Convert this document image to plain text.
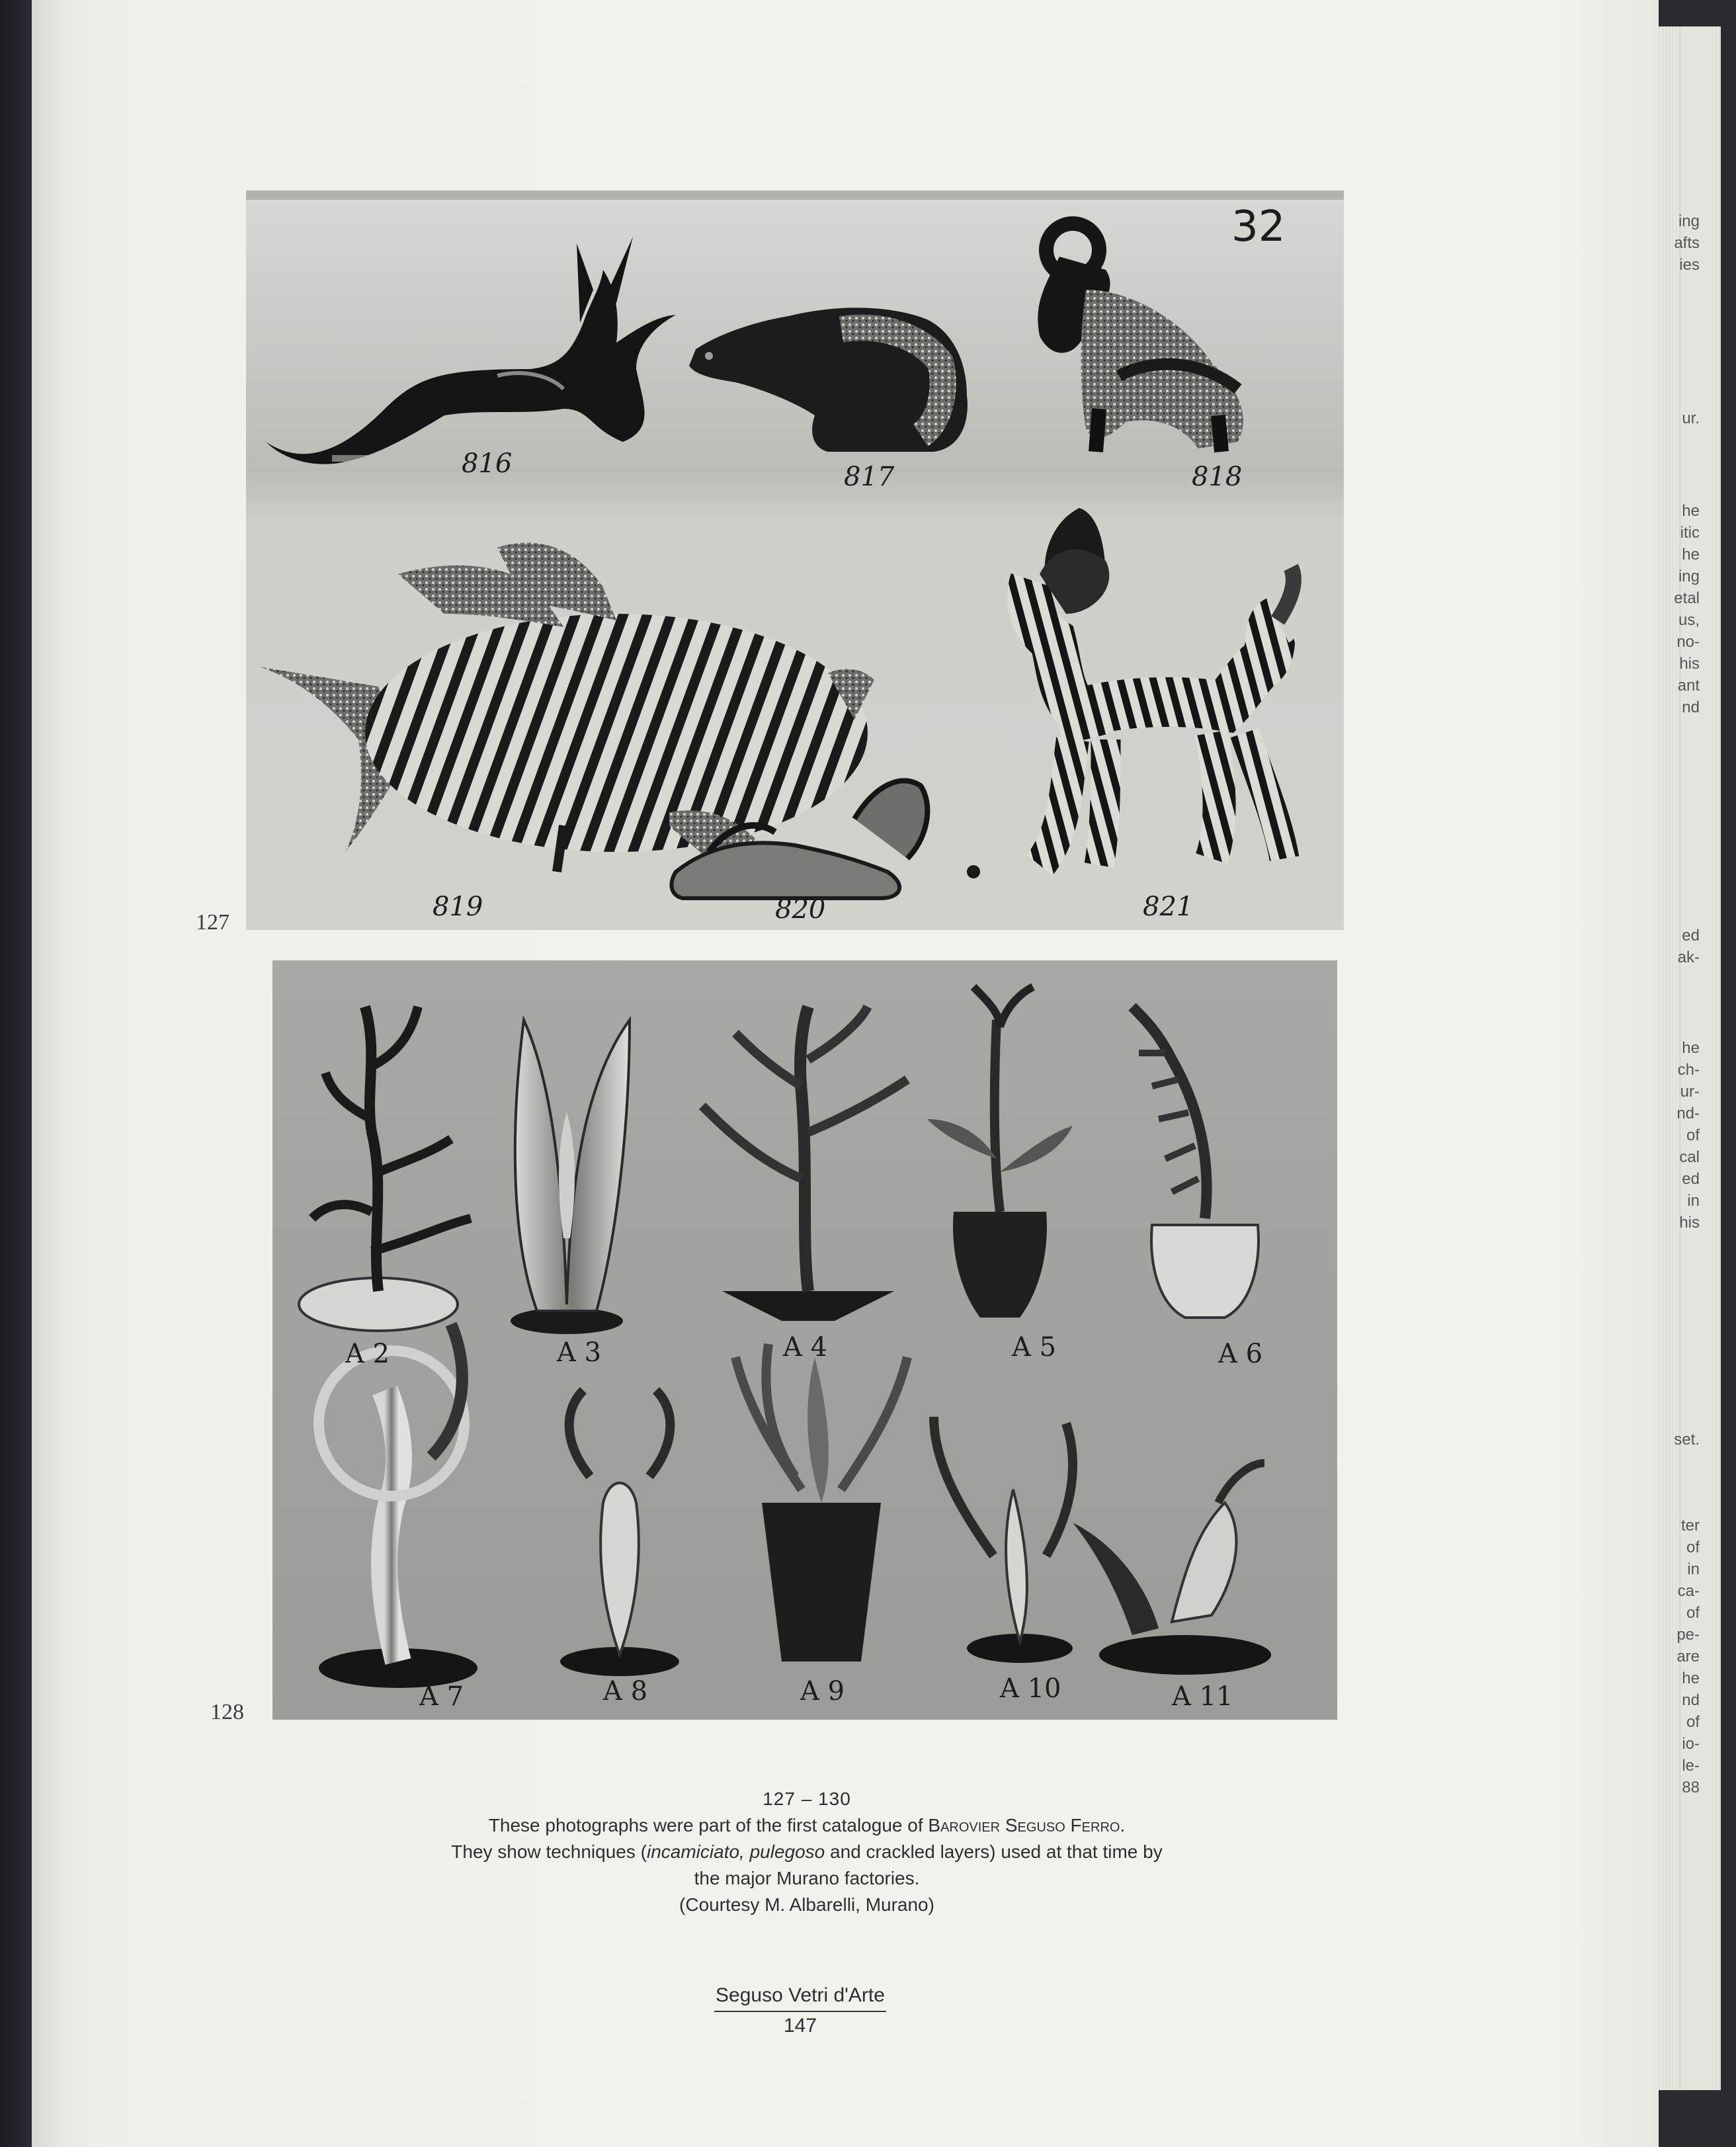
ing
afts
ies
ur.
he
itic
he
ing
etal
us,
no-
his
ant
nd
ed
ak-
he
ch-
ur-
nd-
of
cal
ed
in
his
set.
ter
of
in
ca-
of
pe-
are
he
nd
of
io-
le-
88
127
128
32
816	817	818
819	820	821
A 2	A 3	A 4	A 5	A 6
A 7	A 8	A 9	A 10	A 11
127 – 130
These photographs were part of the first catalogue of Barovier Seguso Ferro.
They show techniques (incamiciato, pulegoso and crackled layers) used at that time by
the major Murano factories.
(Courtesy M. Albarelli, Murano)
Seguso Vetri d'Arte
147
